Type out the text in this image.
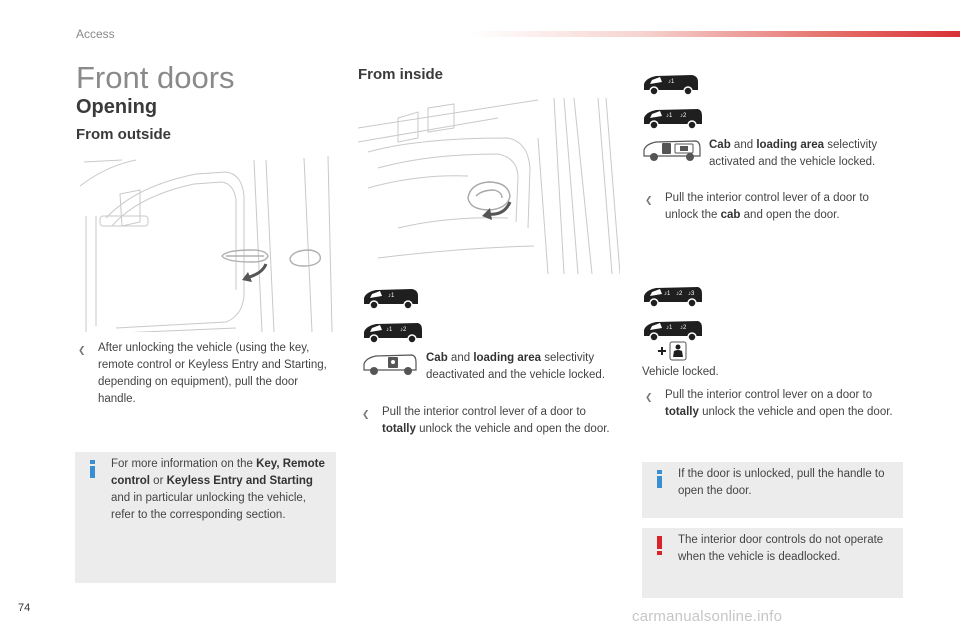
Access
Front doors
Opening
From outside
From inside
❮ After unlocking the vehicle (using the key, remote control or Keyless Entry and Starting, depending on equipment), pull the door handle.
For more information on the Key, Remote control or Keyless Entry and Starting and in particular unlocking the vehicle, refer to the corresponding section.
♪1
♪1 ♪2
Cab and loading area selectivity deactivated and the vehicle locked.
❮ Pull the interior control lever of a door to totally unlock the vehicle and open the door.
♪1
♪1 ♪2
Cab and loading area selectivity activated and the vehicle locked.
❮ Pull the interior control lever of a door to unlock the cab and open the door.
♪1 ♪2 ♪3
♪1 ♪2
Vehicle locked.
❮ Pull the interior control lever on a door to totally unlock the vehicle and open the door.
If the door is unlocked, pull the handle to open the door.
The interior door controls do not operate when the vehicle is deadlocked.
74	carmanualsonline.info
